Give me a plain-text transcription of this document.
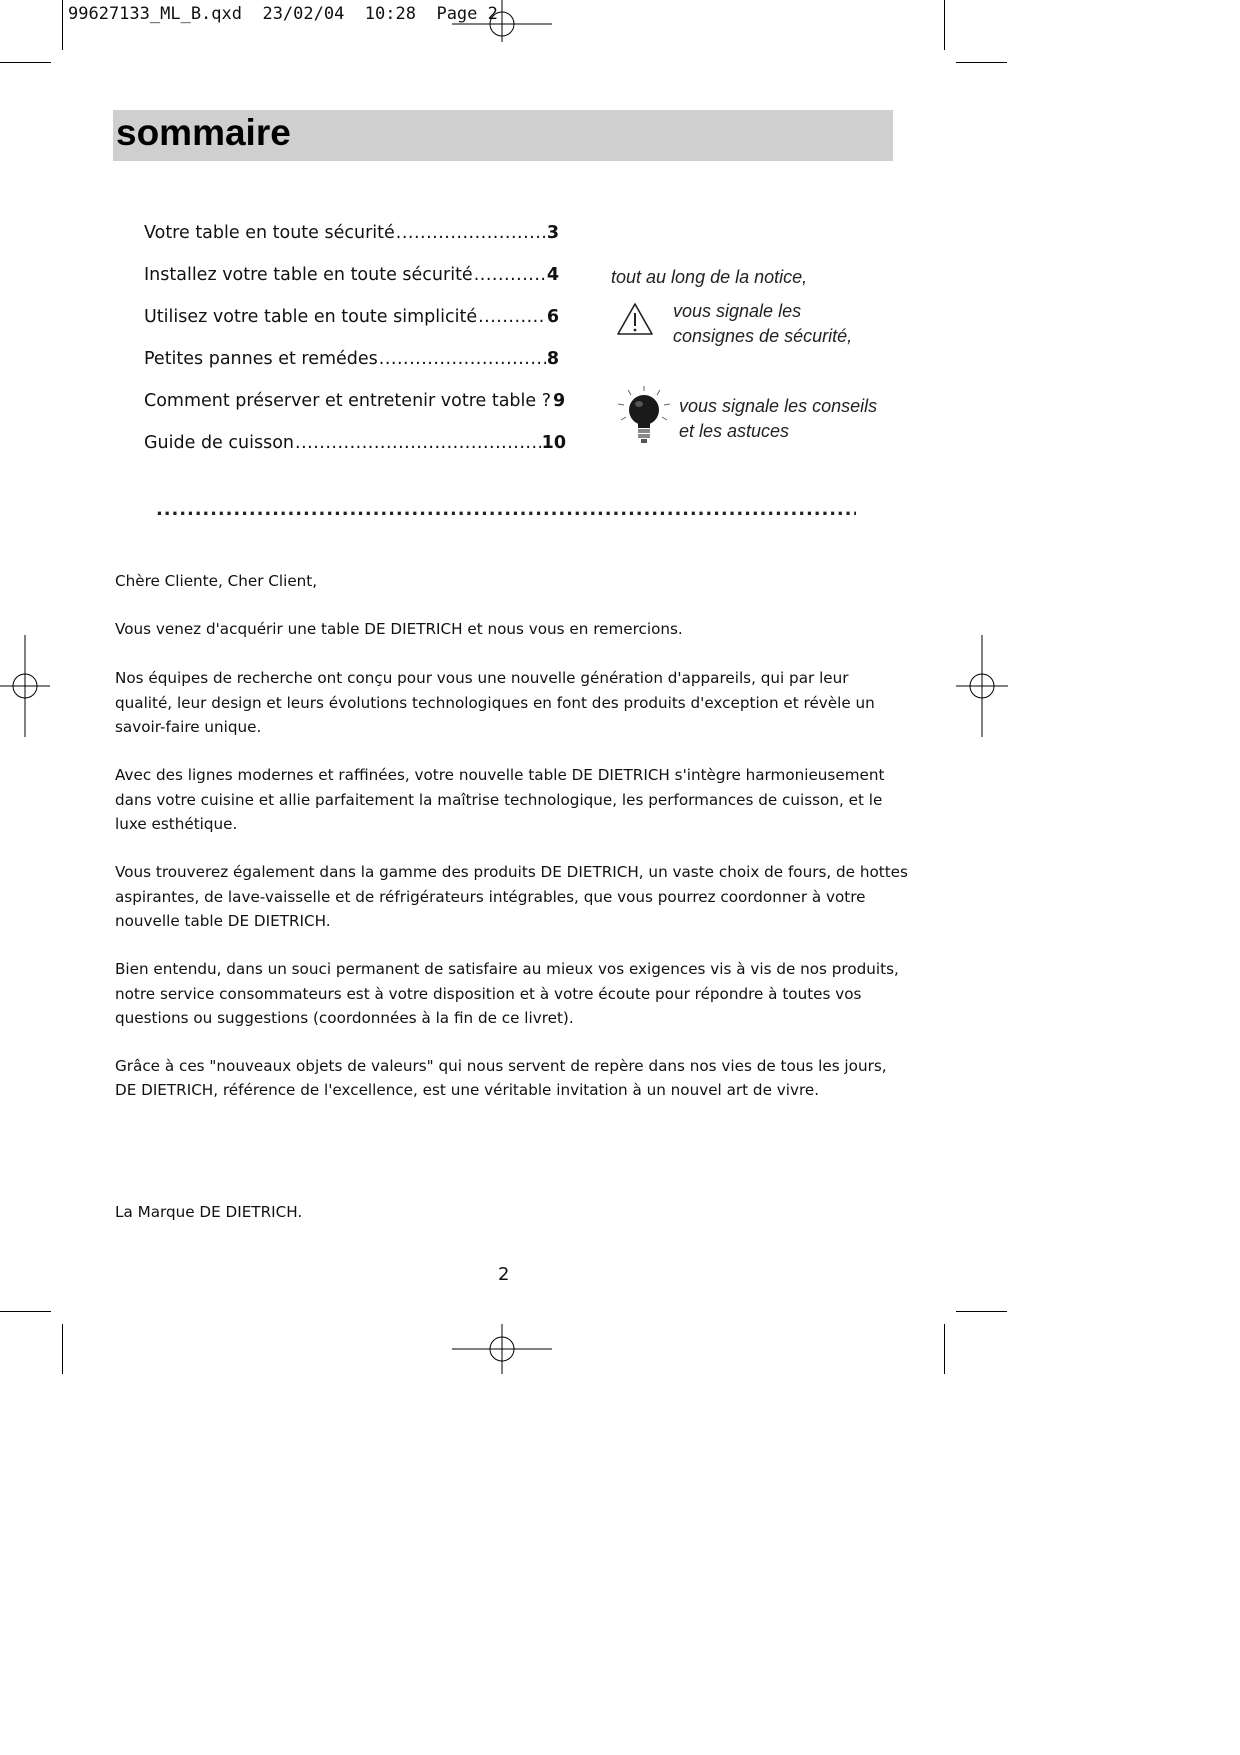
99627133_ML_B.qxd  23/02/04  10:28  Page 2
sommaire
Votre table en toute sécurité .....	3
Installez votre table en toute sécurité .....	4
Utilisez votre table en toute simplicité .....	6
Petites pannes et remédes .....	8
Comment préserver et entretenir votre table ? 9
Guide de cuisson .....	10
tout au long de la notice,
vous signale les
consignes de sécurité,
vous signale les conseils
et les astuces
.....
Chère Cliente, Cher Client,
Vous venez d'acquérir une table DE DIETRICH et nous vous en remercions.
Nos équipes de recherche ont conçu pour vous une nouvelle génération d'appareils, qui par leur qualité, leur design et leurs évolutions technologiques en font des produits d'exception et révèle un savoir-faire unique.
Avec des lignes modernes et raffinées, votre nouvelle table DE DIETRICH s'intègre harmonieusement dans votre cuisine et allie parfaitement la maîtrise technologique, les performances de cuisson, et le luxe esthétique.
Vous trouverez également dans la gamme des produits DE DIETRICH, un vaste choix de fours, de hottes aspirantes, de lave-vaisselle et de réfrigérateurs intégrables, que vous pourrez coordonner à votre nouvelle table DE DIETRICH.
Bien entendu, dans un souci permanent de satisfaire au mieux vos exigences vis à vis de nos produits, notre service consommateurs est à votre disposition et à votre écoute pour répondre à toutes vos questions ou suggestions (coordonnées à la fin de ce livret).
Grâce à ces "nouveaux objets de valeurs" qui nous servent de repère dans nos vies de tous les jours,
DE DIETRICH, référence de l'excellence, est une véritable invitation à un nouvel art de vivre.
La Marque DE DIETRICH.
2
